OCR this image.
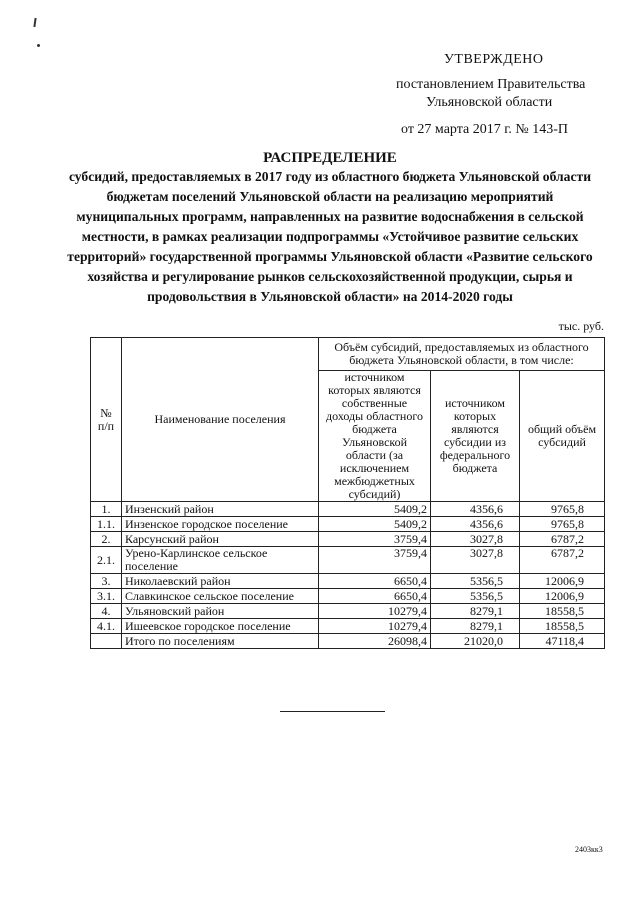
УТВЕРЖДЕНО
постановлением Правительства
Ульяновской области
от 27 марта 2017 г. № 143-П
РАСПРЕДЕЛЕНИЕ
субсидий, предоставляемых в 2017 году из областного бюджета Ульяновской области бюджетам поселений Ульяновской области на реализацию мероприятий муниципальных программ, направленных на развитие водоснабжения в сельской местности, в рамках реализации подпрограммы «Устойчивое развитие сельских территорий» государственной программы Ульяновской области «Развитие сельского хозяйства и регулирование рынков сельскохозяйственной продукции, сырья и продовольствия в Ульяновской области» на 2014-2020 годы
тыс. руб.
№ п/п	Наименование поселения	Объём субсидий, предоставляемых из областного бюджета Ульяновской области, в том числе:		
		источником которых являются собственные доходы областного бюджета Ульяновской области (за исключением межбюджетных субсидий)	источником которых являются субсидии из федерального бюджета	общий объём субсидий
1.	Инзенский район	5409,2	4356,6	9765,8
1.1.	Инзенское городское поселение	5409,2	4356,6	9765,8
2.	Карсунский район	3759,4	3027,8	6787,2
2.1.	Урено-Карлинское сельское поселение	3759,4	3027,8	6787,2
3.	Николаевский район	6650,4	5356,5	12006,9
3.1.	Славкинское сельское поселение	6650,4	5356,5	12006,9
4.	Ульяновский район	10279,4	8279,1	18558,5
4.1.	Ишеевское городское поселение	10279,4	8279,1	18558,5
	Итого по поселениям	26098,4	21020,0	47118,4
2403кк3
